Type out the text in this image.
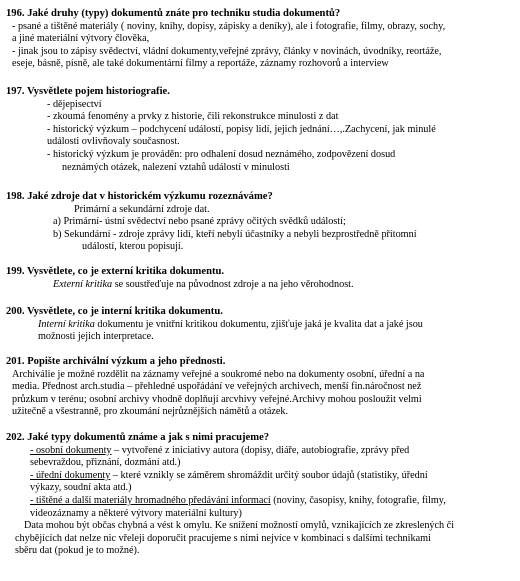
196. Jaké druhy (typy) dokumentů znáte pro techniku studia dokumentů?
- psané a tištěné materiály ( noviny, knihy, dopisy, zápisky a deníky), ale i fotografie, filmy, obrazy, sochy,
a jiné materiální výtvory člověka,
- jinak jsou to zápisy svědectví, vládní dokumenty,veřejné zprávy, články v novinách, úvodníky, reortáže,
eseje, básně, písně, ale také dokumentární filmy a reportáže, záznamy rozhovorů a interview
197. Vysvětlete pojem historiografie.
- dějepisectví
- zkoumá fenomény a prvky z historie, čili rekonstrukce minulosti z dat
- historický výzkum – podchycení událostí, popisy lidí, jejich jednání…,.Zachycení, jak minulé
události ovlivňovaly současnost.
- historický výzkum je prováděn: pro odhalení dosud neznámého, zodpovězení dosud
neznámých otázek, nalezení vztahů událostí v minulosti
198. Jaké zdroje dat v historickém výzkumu rozeznáváme?
Primární a sekundární zdroje dat.
a) Primární- ústní svědectví nebo psané zprávy očitých svědků událostí;
b) Sekundární - zdroje zprávy lidí, kteří nebylí účastníky a nebyli bezprostředně přítomní
událostí, kterou popisují.
199. Vysvětlete, co je externí kritika dokumentu.
Externí kritika se soustřeďuje na původnost zdroje a na jeho věrohodnost.
200. Vysvětlete, co je interní kritika dokumentu.
Interní kritika dokumentu je vnitřní kritikou dokumentu, zjišťuje jaká je kvalita dat a jaké jsou
možnosti jejich interpretace.
201. Popište archivální výzkum a jeho přednosti.
Archiválie je možné rozdělit na záznamy veřejné a soukromé nebo na dokumenty osobní, úřední a na
media. Přednost arch.studia – přehledné uspořádání ve veřejných archivech, menší fin.náročnost než
průzkum v terénu; osobní archivy vhodně doplňují arcvhivy veřejné.Archivy mohou posloužit velmi
užitečně a všestranně, pro zkoumání nejrůznějších námětů a otázek.
202. Jaké typy dokumentů známe a jak s nimi pracujeme?
- osobní dokumenty – vytvořené z iniciativy autora (dopisy, diáře, autobiografie, zprávy před
sebevraždou, přiznání, dozmání atd.)
- úřední dokumenty – které vznikly se záměrem shromáždit určitý soubor údajů (statistiky, úřední
výkazy, soudní akta atd.)
- tištěné a další materiály hromadného předávání informací (noviny, časopisy, knihy, fotografie, filmy,
videozáznamy a některé výtvory materiální kultury)
Data mohou být občas chybná a vést k omylu. Ke snížení možností omylů, vznikajících ze zkreslených či
chybějících dat nelze nic vřeleji doporučit pracujeme s nimi nejvíce v kombinaci s dalšími technikami
sběru dat (pokud je to možné).
